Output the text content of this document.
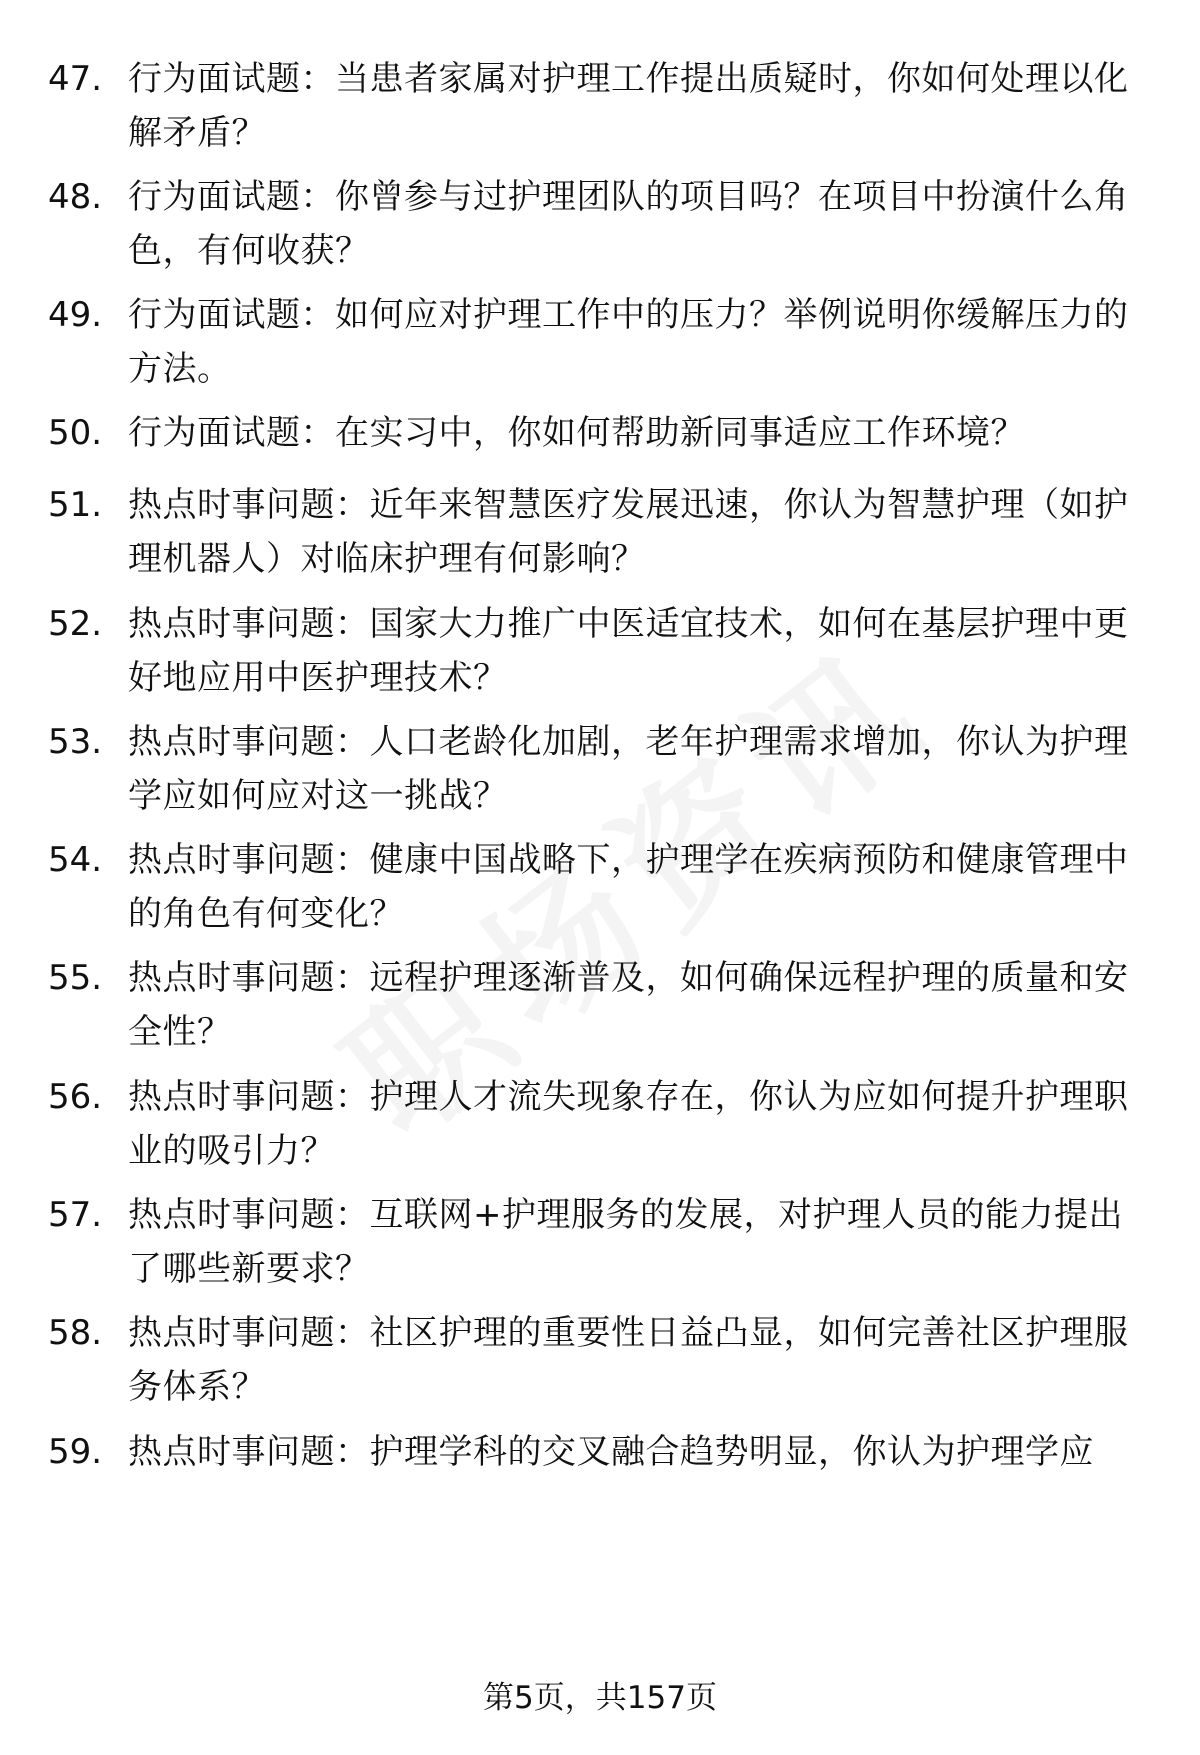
47. 行为面试题：当患者家属对护理工作提出质疑时，你如何处理以化解矛盾？
48. 行为面试题：你曾参与过护理团队的项目吗？在项目中扮演什么角色，有何收获？
49. 行为面试题：如何应对护理工作中的压力？举例说明你缓解压力的方法。
50. 行为面试题：在实习中，你如何帮助新同事适应工作环境？
51. 热点时事问题：近年来智慧医疗发展迅速，你认为智慧护理（如护理机器人）对临床护理有何影响？
52. 热点时事问题：国家大力推广中医适宜技术，如何在基层护理中更好地应用中医护理技术？
53. 热点时事问题：人口老龄化加剧，老年护理需求增加，你认为护理学应如何应对这一挑战？
54. 热点时事问题：健康中国战略下，护理学在疾病预防和健康管理中的角色有何变化？
55. 热点时事问题：远程护理逐渐普及，如何确保远程护理的质量和安全性？
56. 热点时事问题：护理人才流失现象存在，你认为应如何提升护理职业的吸引力？
57. 热点时事问题：互联网+护理服务的发展，对护理人员的能力提出了哪些新要求？
58. 热点时事问题：社区护理的重要性日益凸显，如何完善社区护理服务体系？
59. 热点时事问题：护理学科的交叉融合趋势明显，你认为护理学应
第5页，共157页
